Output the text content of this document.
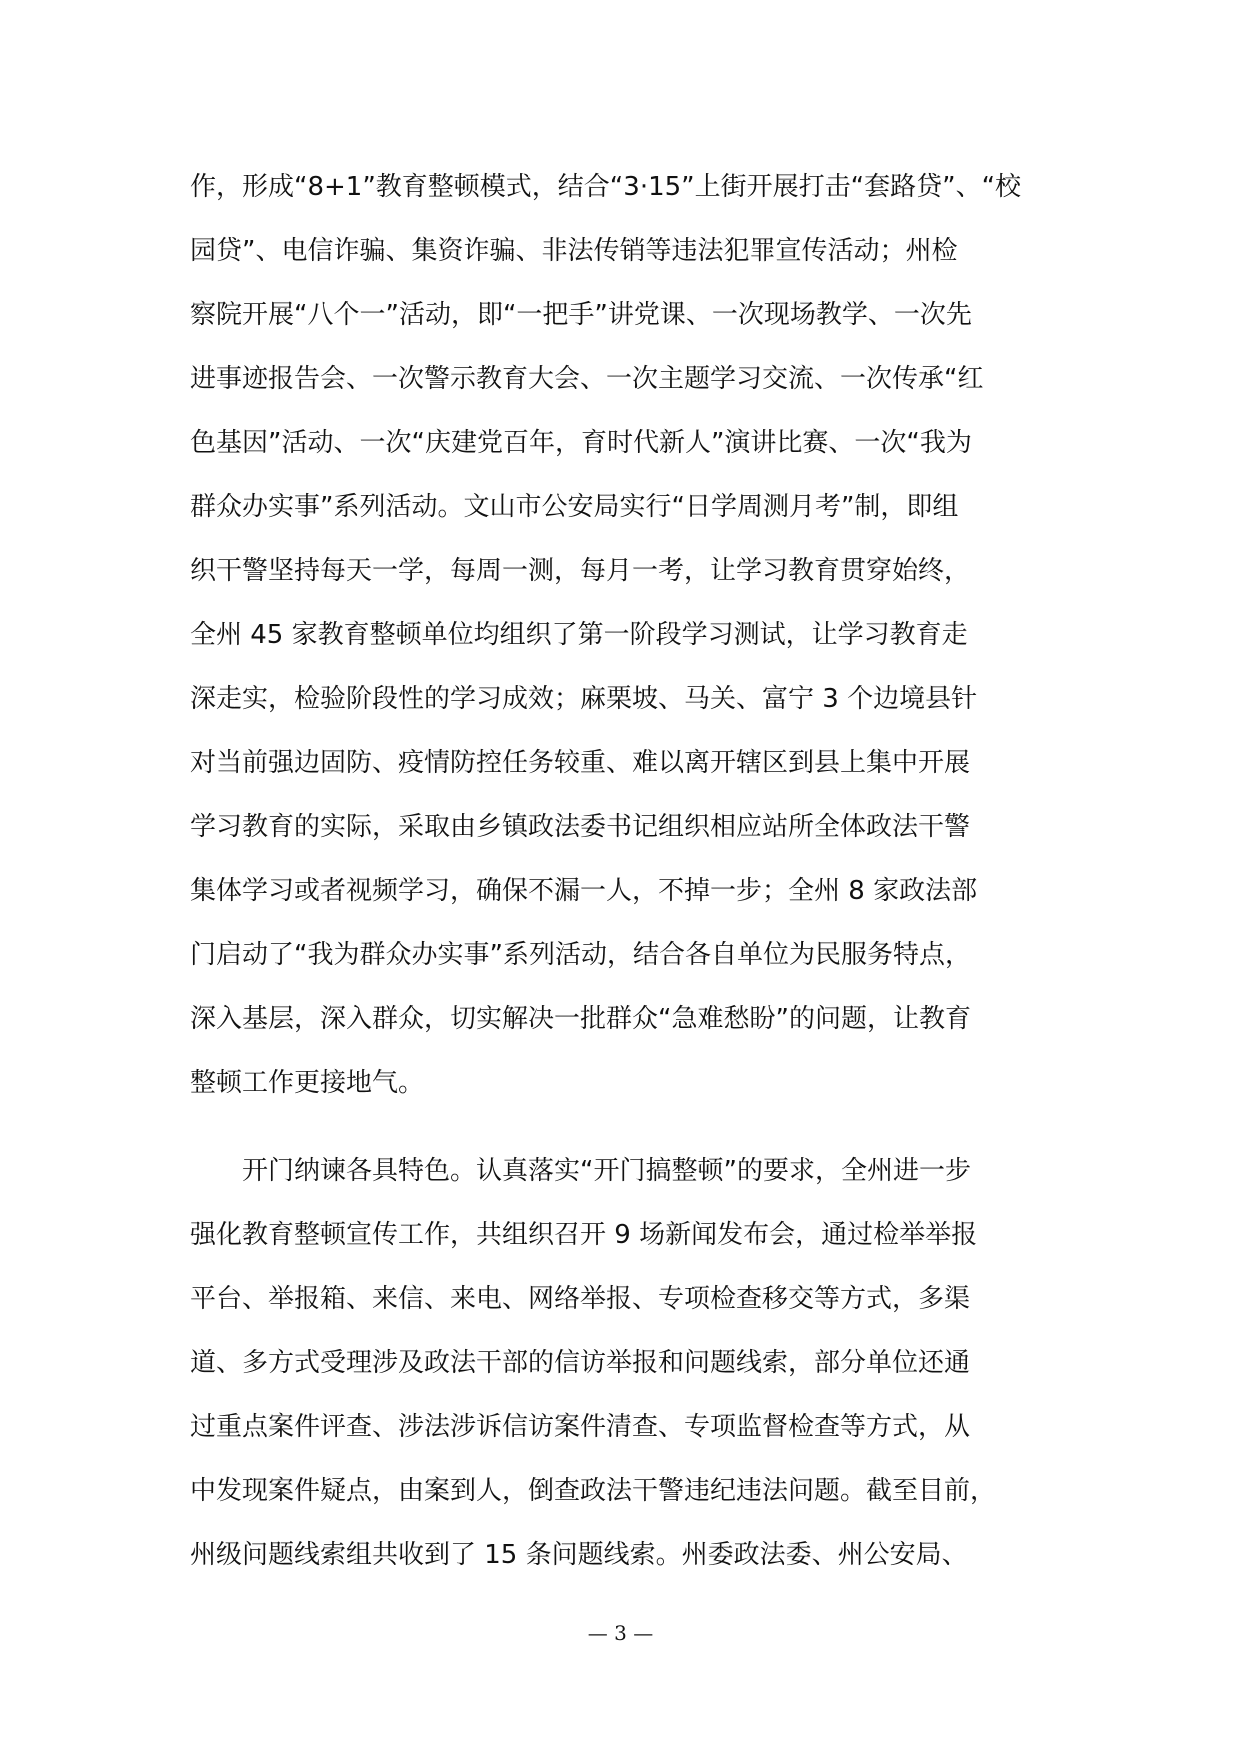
作，形成“8+1”教育整顿模式，结合“3·15”上街开展打击“套路贷”、“校
园贷”、电信诈骗、集资诈骗、非法传销等违法犯罪宣传活动；州检
察院开展“八个一”活动，即“一把手”讲党课、一次现场教学、一次先
进事迹报告会、一次警示教育大会、一次主题学习交流、一次传承“红
色基因”活动、一次“庆建党百年，育时代新人”演讲比赛、一次“我为
群众办实事”系列活动。文山市公安局实行“日学周测月考”制，即组
织干警坚持每天一学，每周一测，每月一考，让学习教育贯穿始终，
全州 45 家教育整顿单位均组织了第一阶段学习测试，让学习教育走
深走实，检验阶段性的学习成效；麻栗坡、马关、富宁 3 个边境县针
对当前强边固防、疫情防控任务较重、难以离开辖区到县上集中开展
学习教育的实际，采取由乡镇政法委书记组织相应站所全体政法干警
集体学习或者视频学习，确保不漏一人，不掉一步；全州 8 家政法部
门启动了“我为群众办实事”系列活动，结合各自单位为民服务特点，
深入基层，深入群众，切实解决一批群众“急难愁盼”的问题，让教育
整顿工作更接地气。
开门纳谏各具特色。认真落实“开门搞整顿”的要求，全州进一步
强化教育整顿宣传工作，共组织召开 9 场新闻发布会，通过检举举报
平台、举报箱、来信、来电、网络举报、专项检查移交等方式，多渠
道、多方式受理涉及政法干部的信访举报和问题线索，部分单位还通
过重点案件评查、涉法涉诉信访案件清查、专项监督检查等方式，从
中发现案件疑点，由案到人，倒查政法干警违纪违法问题。截至目前，
州级问题线索组共收到了 15 条问题线索。州委政法委、州公安局、
— 3 —
